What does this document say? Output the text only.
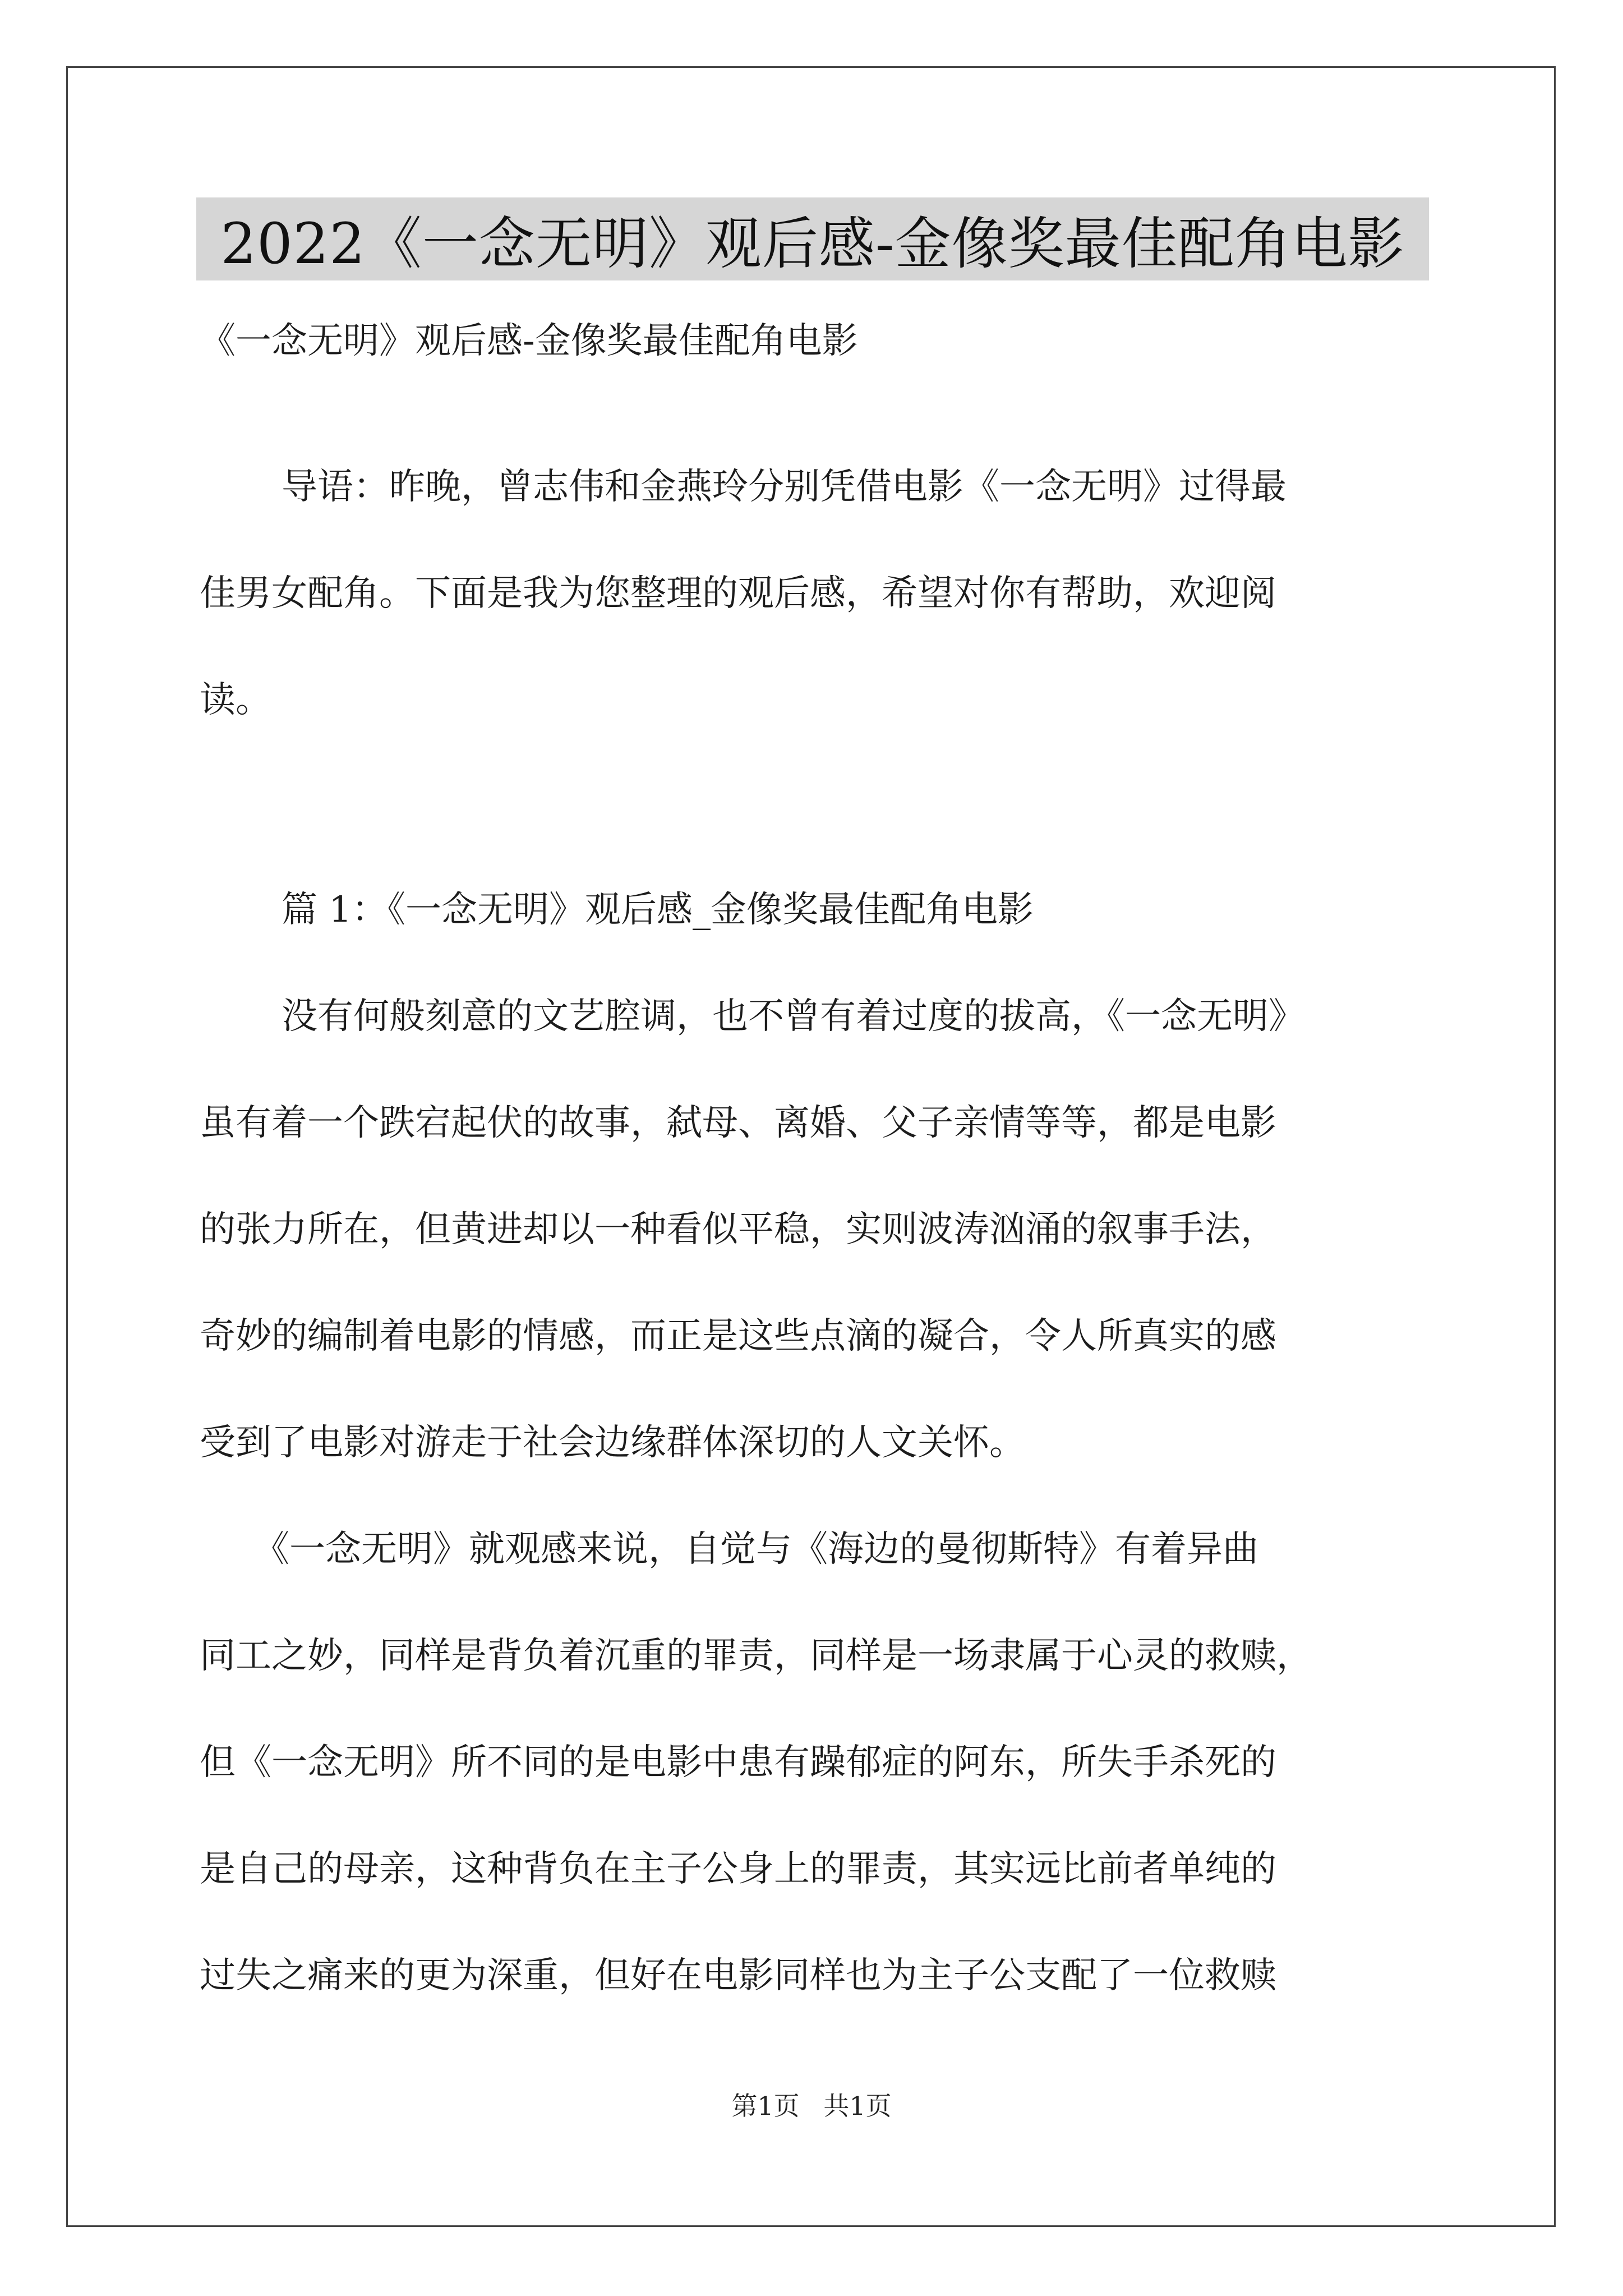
2022《一念无明》观后感-金像奖最佳配角电影
《一念无明》观后感-金像奖最佳配角电影
导语：昨晚，曾志伟和金燕玲分别凭借电影《一念无明》过得最
佳男女配角。下面是我为您整理的观后感，希望对你有帮助，欢迎阅
读。
篇 1：《一念无明》观后感_金像奖最佳配角电影
没有何般刻意的文艺腔调，也不曾有着过度的拔高，《一念无明》
虽有着一个跌宕起伏的故事，弑母、离婚、父子亲情等等，都是电影
的张力所在，但黄进却以一种看似平稳，实则波涛汹涌的叙事手法，
奇妙的编制着电影的情感，而正是这些点滴的凝合，令人所真实的感
受到了电影对游走于社会边缘群体深切的人文关怀。
《一念无明》就观感来说，自觉与《海边的曼彻斯特》有着异曲
同工之妙，同样是背负着沉重的罪责，同样是一场隶属于心灵的救赎，
但《一念无明》所不同的是电影中患有躁郁症的阿东，所失手杀死的
是自己的母亲，这种背负在主子公身上的罪责，其实远比前者单纯的
过失之痛来的更为深重，但好在电影同样也为主子公支配了一位救赎
第1页 共1页
